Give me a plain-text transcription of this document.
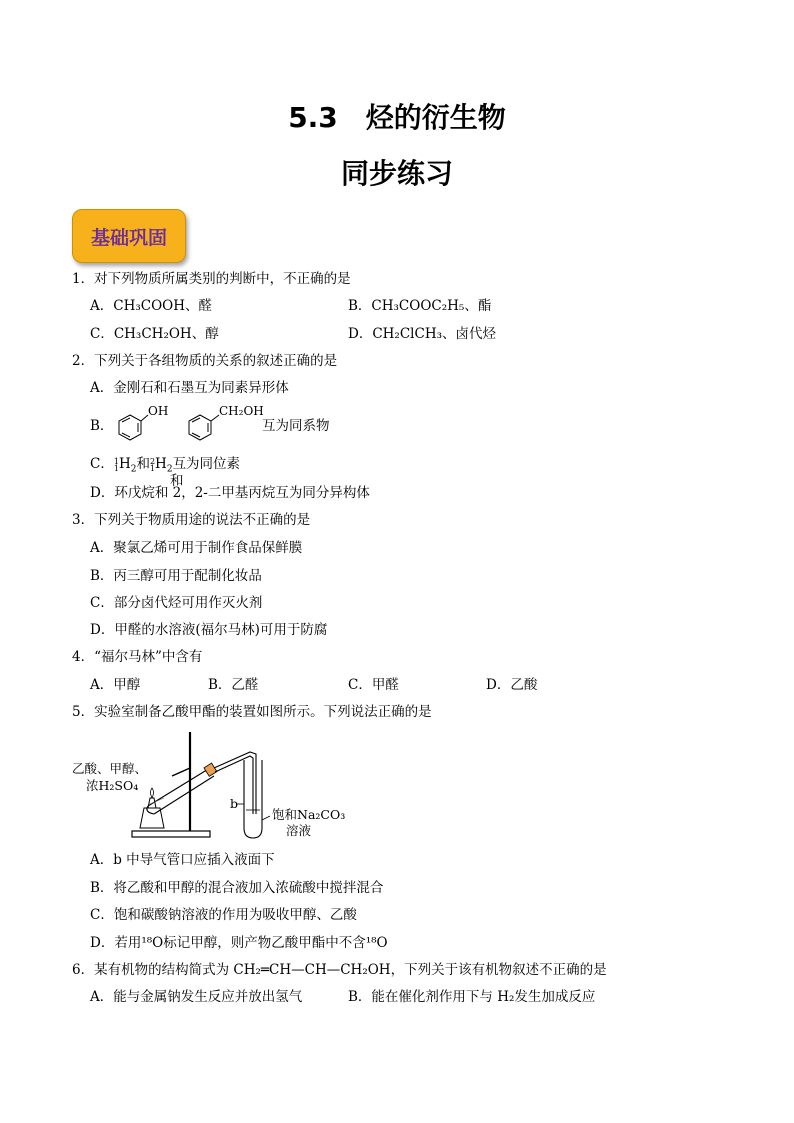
5.3　烃的衍生物
同步练习
基础巩固
1．对下列物质所属类别的判断中，不正确的是
A．CH₃COOH、醛	B．CH₃COOC₂H₅、酯
C．CH₃CH₂OH、醇	D．CH₂ClCH₃、卤代烃
2．下列关于各组物质的关系的叙述正确的是
A．金刚石和石墨互为同素异形体
B．
OH
和
CH₂OH
互为同系物
C．1
$1H_2$和2
$1H_2$互为同位素
D．环戊烷和 2，2-二甲基丙烷互为同分异构体
3．下列关于物质用途的说法不正确的是
A．聚氯乙烯可用于制作食品保鲜膜
B．丙三醇可用于配制化妆品
C．部分卤代烃可用作灭火剂
D．甲醛的水溶液(福尔马林)可用于防腐
4．“福尔马林”中含有
A．甲醇	B．乙醛	C．甲醛	D．乙酸
5．实验室制备乙酸甲酯的装置如图所示。下列说法正确的是
乙酸、甲醇、
浓H₂SO₄
b
饱和Na₂CO₃
溶液
A．b 中导气管口应插入液面下
B．将乙酸和甲醇的混合液加入浓硫酸中搅拌混合
C．饱和碳酸钠溶液的作用为吸收甲醇、乙酸
D．若用¹⁸O标记甲醇，则产物乙酸甲酯中不含¹⁸O
6．某有机物的结构简式为 CH₂═CH—CH—CH₂OH，下列关于该有机物叙述不正确的是
A．能与金属钠发生反应并放出氢气	B．能在催化剂作用下与 H₂发生加成反应
